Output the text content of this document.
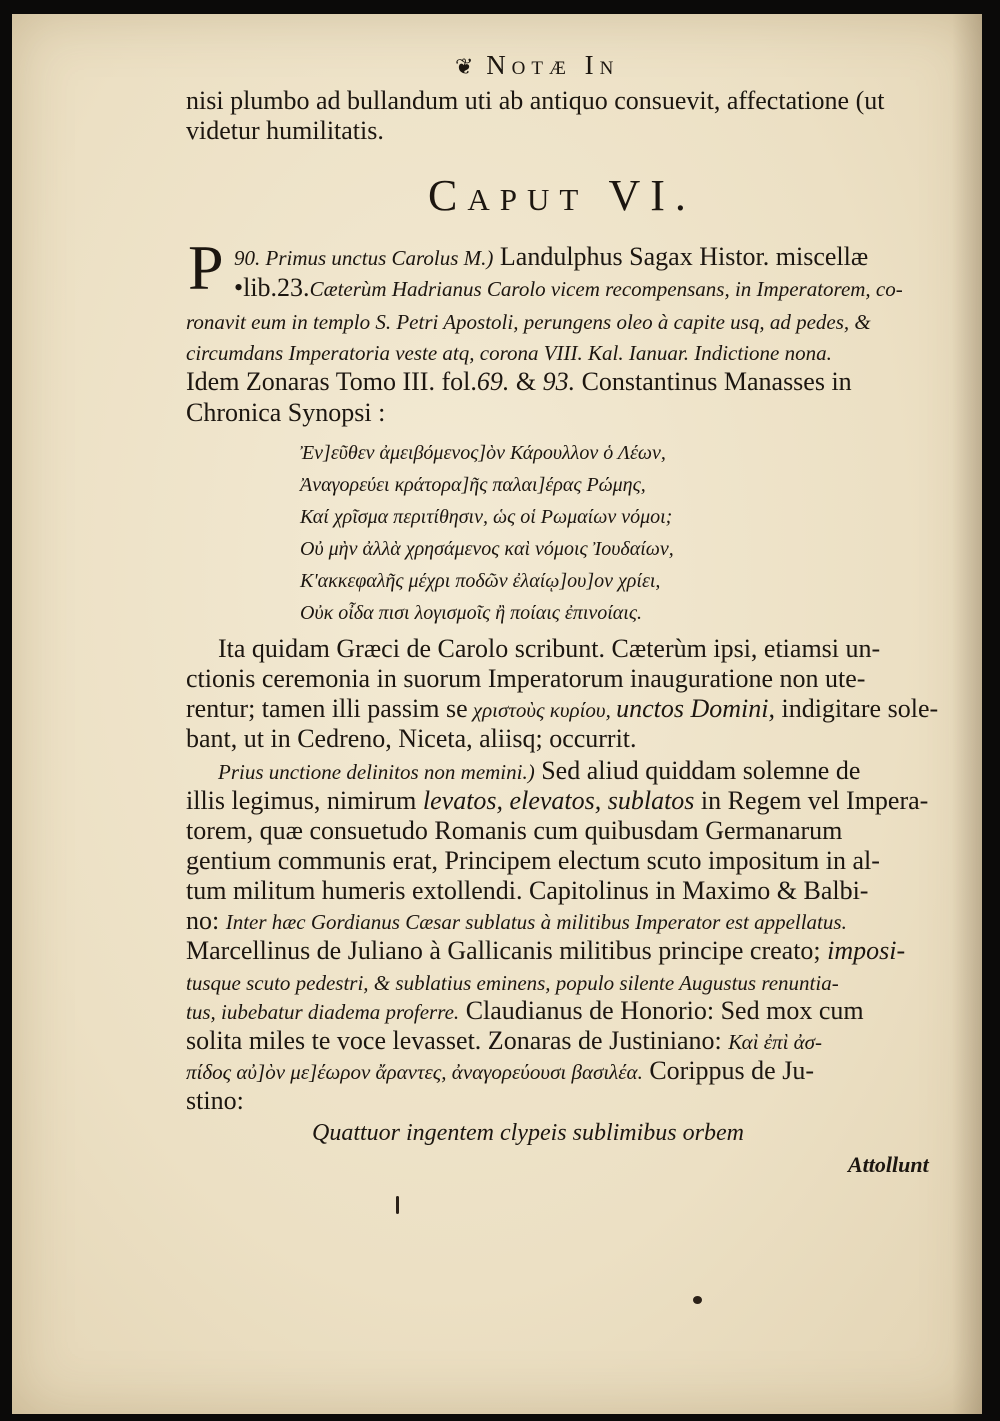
❦ Notæ In
nisi plumbo ad bullandum uti ab antiquo consuevit, affectatione (ut
videtur humilitatis.
Caput VI.
P 90. Primus unctus Carolus M.) Landulphus Sagax Histor. miscellæ
•lib.23.Cæterùm Hadrianus Carolo vicem recompensans, in Imperatorem, co-
ronavit eum in templo S. Petri Apostoli, perungens oleo à capite usq, ad pedes, &
circumdans Imperatoria veste atq, corona VIII. Kal. Ianuar. Indictione nona.
Idem Zonaras Tomo III. fol.69. & 93. Constantinus Manasses in
Chronica Synopsi :
Ἐν]εῦθεν ἀμειβόμενος]ὸν Κάρουλλον ὁ Λέων,
Ἀναγορεύει κράτορα]ῆς παλαι]έρας Ρώμης,
Καί χρῖσμα περιτίθησιν, ὡς οἱ Ρωμαίων νόμοι;
Οὐ μὴν ἀλλὰ χρησάμενος καὶ νόμοις Ἰουδαίων,
Κ'ακκεφαλῆς μέχρι ποδῶν ἐλαίῳ]ου]ον χρίει,
Οὐκ οἶδα πισι λογισμοῖς ἢ ποίαις ἐπινοίαις.
Ita quidam Græci de Carolo scribunt. Cæterùm ipsi, etiamsi un-
ctionis ceremonia in suorum Imperatorum inauguratione non ute-
rentur; tamen illi passim se χριστοὺς κυρίου, unctos Domini, indigitare sole-
bant, ut in Cedreno, Niceta, aliisq; occurrit.
Prius unctione delinitos non memini.) Sed aliud quiddam solemne de
illis legimus, nimirum levatos, elevatos, sublatos in Regem vel Impera-
torem, quæ consuetudo Romanis cum quibusdam Germanarum
gentium communis erat, Principem electum scuto impositum in al-
tum militum humeris extollendi. Capitolinus in Maximo & Balbi-
no: Inter hæc Gordianus Cæsar sublatus à militibus Imperator est appellatus.
Marcellinus de Juliano à Gallicanis militibus principe creato; imposi-
tusque scuto pedestri, & sublatius eminens, populo silente Augustus renuntia-
tus, iubebatur diadema proferre. Claudianus de Honorio: Sed mox cum
solita miles te voce levasset. Zonaras de Justiniano: Καὶ ἐπὶ ἀσ-
πίδος αὐ]ὸν με]έωρον ἄραντες, ἀναγορεύουσι βασιλέα. Corippus de Ju-
stino:
Quattuor ingentem clypeis sublimibus orbem
Attollunt
